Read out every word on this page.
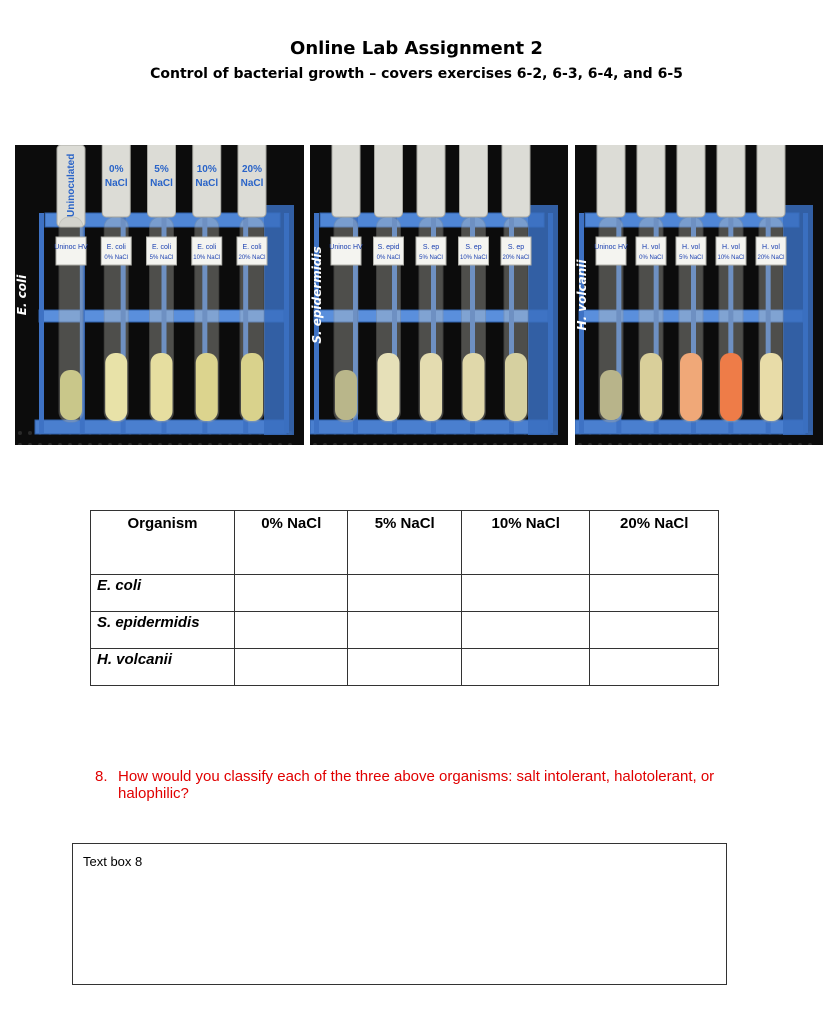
Online Lab Assignment 2
Control of bacterial growth – covers exercises 6-2, 6-3, 6-4, and 6-5
Uninoc HV	E. coli
0% NaCl
E. coli
5% NaCl
E. coli
10% NaCl
E. coli
20% NaCl
Uninoculated	0%
NaCl
5%
NaCl
10%
NaCl
20%
NaCl
E. coli
Uninoc HV S. epid
0% NaCl
S. ep
5% NaCl
S. ep
10% NaCl
S. ep
20% NaCl
S. epidermidis	Uninoc HV H. vol
0% NaCl
H. vol
5% NaCl
H. vol
10% NaCl
H. vol
20% NaCl
H. volcanii
Organism	0% NaCl	5% NaCl	10% NaCl	20% NaCl
E. coli				
S. epidermidis				
H. volcanii				
8. How would you classify each of the three above organisms: salt intolerant, halotolerant, or halophilic?
Text box 8
